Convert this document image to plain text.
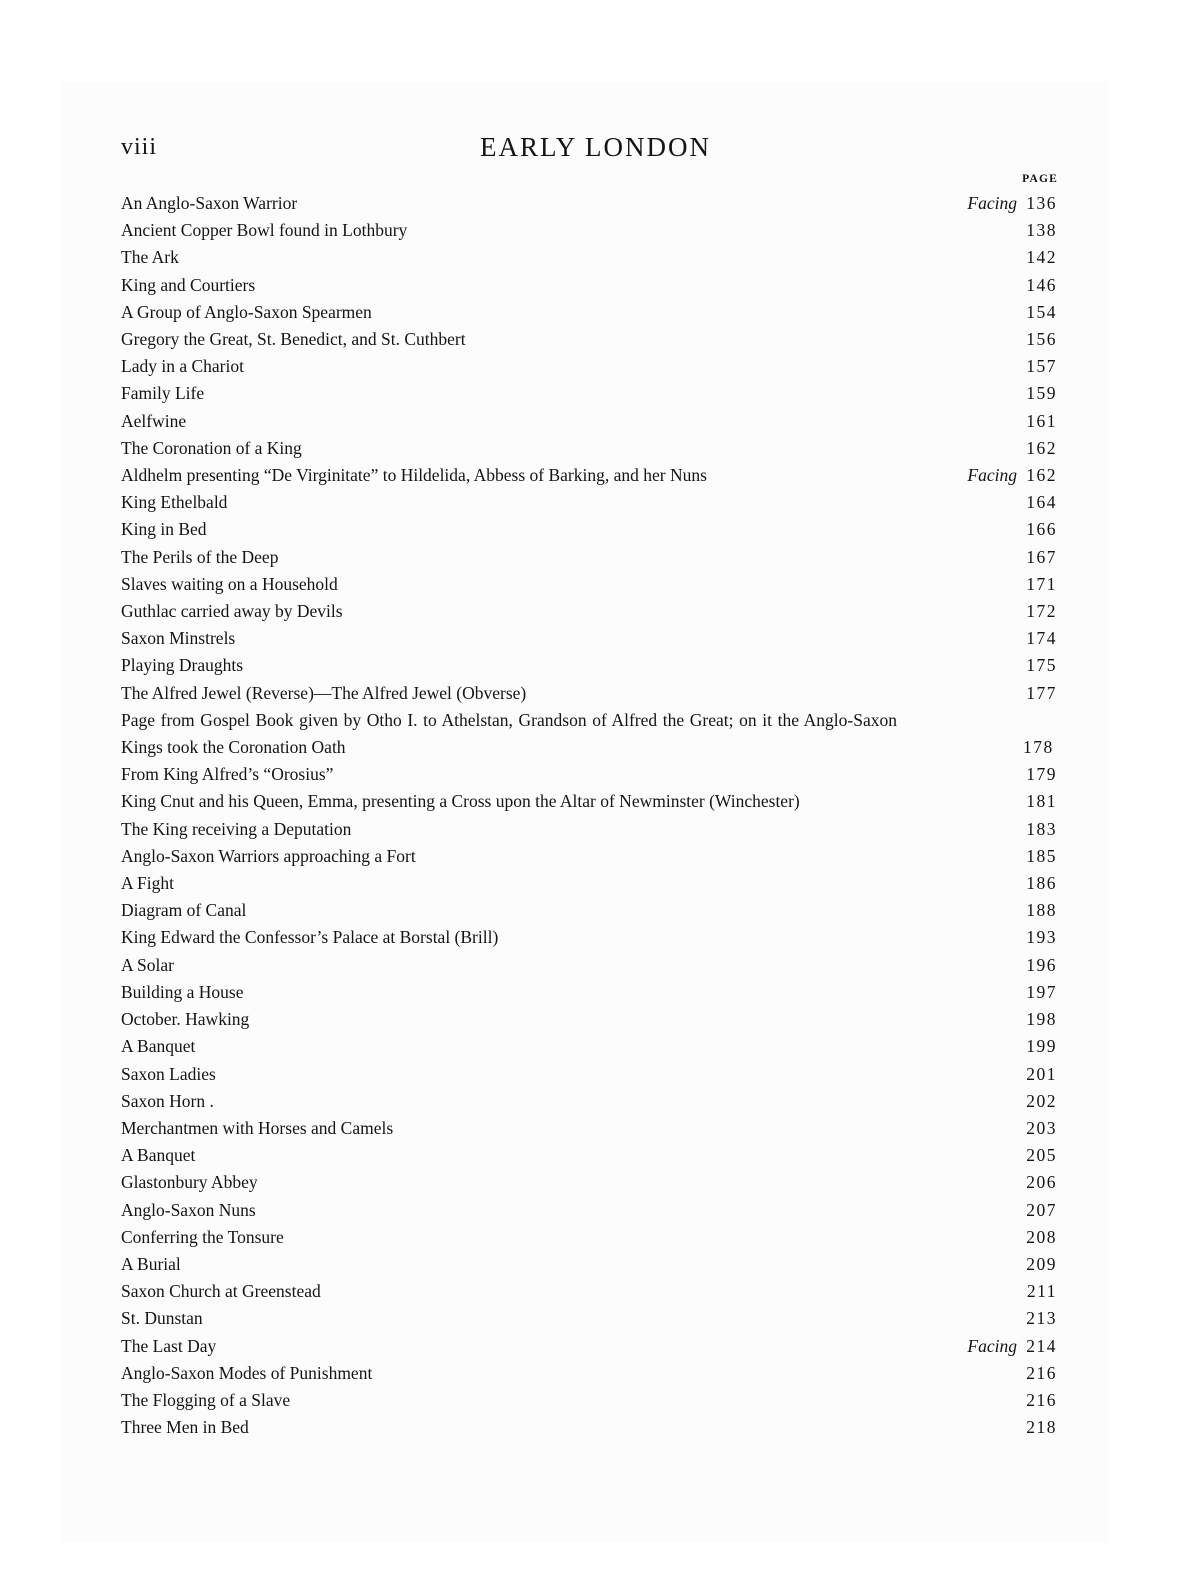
viii	EARLY LONDON
PAGE
An Anglo-Saxon Warrior	Facing 136
Ancient Copper Bowl found in Lothbury	138
The Ark	142
King and Courtiers	146
A Group of Anglo-Saxon Spearmen	154
Gregory the Great, St. Benedict, and St. Cuthbert	156
Lady in a Chariot	157
Family Life	159
Aelfwine	161
The Coronation of a King	162
Aldhelm presenting “De Virginitate” to Hildelida, Abbess of Barking, and her Nuns	Facing 162
King Ethelbald	164
King in Bed	166
The Perils of the Deep	167
Slaves waiting on a Household	171
Guthlac carried away by Devils	172
Saxon Minstrels	174
Playing Draughts	175
The Alfred Jewel (Reverse)—The Alfred Jewel (Obverse)	177
Page from Gospel Book given by Otho I. to Athelstan, Grandson of Alfred the Great; on it the Anglo-Saxon Kings took the Coronation Oath	178
From King Alfred’s “Orosius”	179
King Cnut and his Queen, Emma, presenting a Cross upon the Altar of Newminster (Winchester)	181
The King receiving a Deputation	183
Anglo-Saxon Warriors approaching a Fort	185
A Fight	186
Diagram of Canal	188
King Edward the Confessor’s Palace at Borstal (Brill)	193
A Solar	196
Building a House	197
October. Hawking	198
A Banquet	199
Saxon Ladies	201
Saxon Horn .	202
Merchantmen with Horses and Camels	203
A Banquet	205
Glastonbury Abbey	206
Anglo-Saxon Nuns	207
Conferring the Tonsure	208
A Burial	209
Saxon Church at Greenstead	211
St. Dunstan	213
The Last Day	Facing 214
Anglo-Saxon Modes of Punishment	216
The Flogging of a Slave	216
Three Men in Bed	218
